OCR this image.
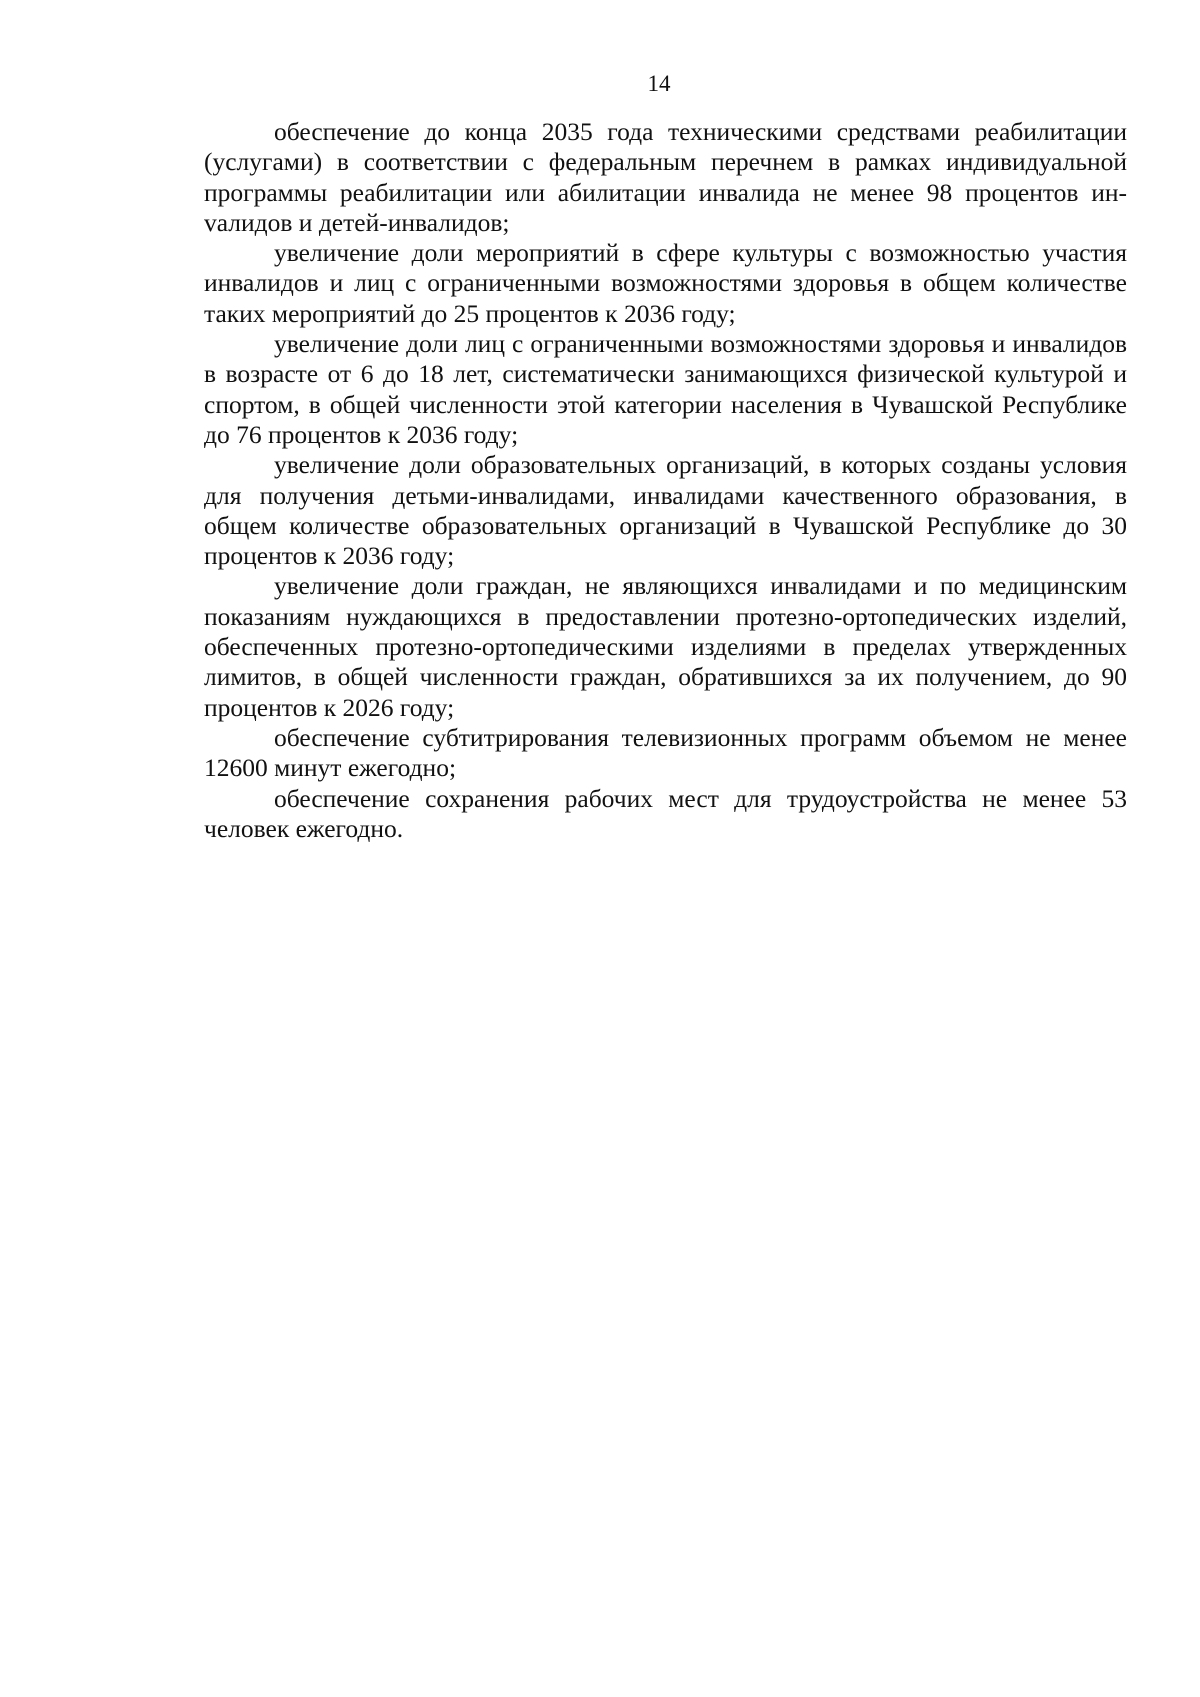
14

обеспечение до конца 2035 года техническими средствами реабилитации (услугами) в соответствии с федеральным перечнем в рамках индивидуальной программы реабилитации или абилитации инвалида не менее 98 процентов инvалидов и детей-инвалидов;

увеличение доли мероприятий в сфере культуры с возможностью участия инвалидов и лиц с ограниченными возможностями здоровья в общем количестве таких мероприятий до 25 процентов к 2036 году;

увеличение доли лиц с ограниченными возможностями здоровья и инвалидов в возрасте от 6 до 18 лет, систематически занимающихся физической культурой и спортом, в общей численности этой категории населения в Чувашской Республике до 76 процентов к 2036 году;

увеличение доли образовательных организаций, в которых созданы условия для получения детьми-инвалидами, инвалидами качественного образования, в общем количестве образовательных организаций в Чувашской Республике до 30 процентов к 2036 году;

увеличение доли граждан, не являющихся инвалидами и по медицинским показаниям нуждающихся в предоставлении протезно-ортопедических изделий, обеспеченных протезно-ортопедическими изделиями в пределах утвержденных лимитов, в общей численности граждан, обратившихся за их получением, до 90 процентов к 2026 году;

обеспечение субтитрирования телевизионных программ объемом не менее 12600 минут ежегодно;

обеспечение сохранения рабочих мест для трудоустройства не менее 53 человек ежегодно.
